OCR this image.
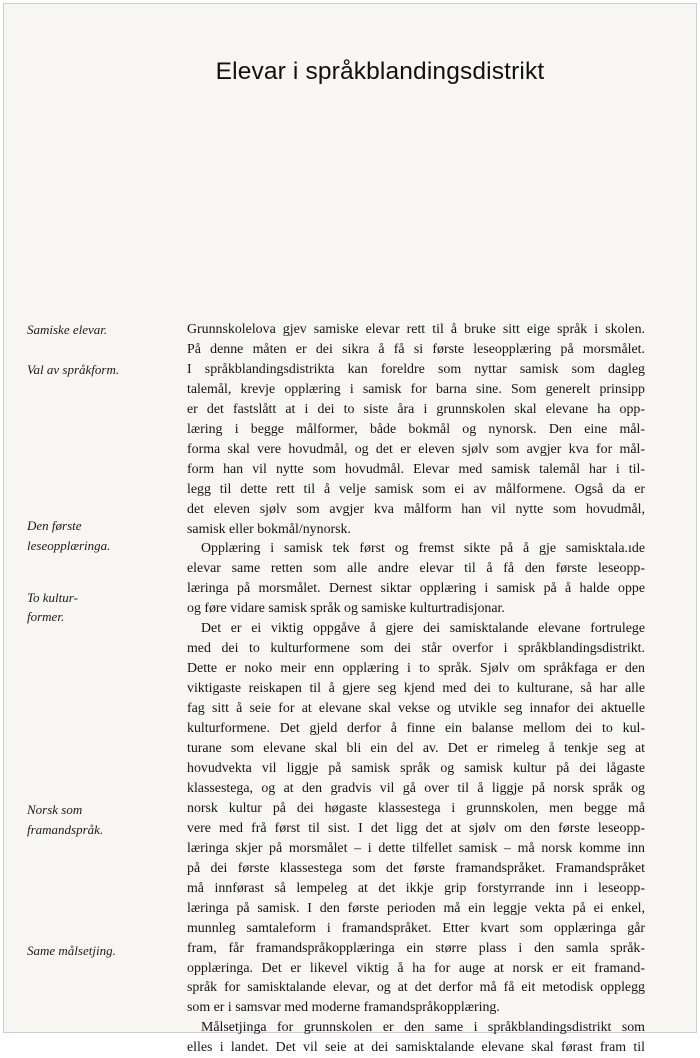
Elevar i språkblandingsdistrikt
Samiske elevar.
Val av språkform.
Den første
leseopplæringa.
To kultur-
former.
Norsk som
framandspråk.
Same målsetjing.
Grunnskolelova gjev samiske elevar rett til å bruke sitt eige språk i skolen.
På denne måten er dei sikra å få si første leseopplæring på morsmålet.
I språkblandingsdistrikta kan foreldre som nyttar samisk som dagleg
talemål, krevje opplæring i samisk for barna sine. Som generelt prinsipp
er det fastslått at i dei to siste åra i grunnskolen skal elevane ha opp-
læring i begge målformer, både bokmål og nynorsk. Den eine mål-
forma skal vere hovudmål, og det er eleven sjølv som avgjer kva for mål-
form han vil nytte som hovudmål. Elevar med samisk talemål har i til-
legg til dette rett til å velje samisk som ei av målformene. Også da er
det eleven sjølv som avgjer kva målform han vil nytte som hovudmål,
samisk eller bokmål/nynorsk.
Opplæring i samisk tek først og fremst sikte på å gje samisktala.ıde
elevar same retten som alle andre elevar til å få den første leseopp-
læringa på morsmålet. Dernest siktar opplæring i samisk på å halde oppe
og føre vidare samisk språk og samiske kulturtradisjonar.
Det er ei viktig oppgåve å gjere dei samisktalande elevane fortrulege
med dei to kulturformene som dei står overfor i språkblandingsdistrikt.
Dette er noko meir enn opplæring i to språk. Sjølv om språkfaga er den
viktigaste reiskapen til å gjere seg kjend med dei to kulturane, så har alle
fag sitt å seie for at elevane skal vekse og utvikle seg innafor dei aktuelle
kulturformene. Det gjeld derfor å finne ein balanse mellom dei to kul-
turane som elevane skal bli ein del av. Det er rimeleg å tenkje seg at
hovudvekta vil liggje på samisk språk og samisk kultur på dei lågaste
klassestega, og at den gradvis vil gå over til å liggje på norsk språk og
norsk kultur på dei høgaste klassestega i grunnskolen, men begge må
vere med frå først til sist. I det ligg det at sjølv om den første leseopp-
læringa skjer på morsmålet – i dette tilfellet samisk – må norsk komme inn
på dei første klassestega som det første framandspråket. Framandspråket
må innførast så lempeleg at det ikkje grip forstyrrande inn i leseopp-
læringa på samisk. I den første perioden må ein leggje vekta på ei enkel,
munnleg samtaleform i framandspråket. Etter kvart som opplæringa går
fram, får framandspråkopplæringa ein større plass i den samla språk-
opplæringa. Det er likevel viktig å ha for auge at norsk er eit framand-
språk for samisktalande elevar, og at det derfor må få eit metodisk opplegg
som er i samsvar med moderne framandspråkopplæring.
Målsetjinga for grunnskolen er den same i språkblandingsdistrikt som
elles i landet. Det vil seie at dei samisktalande elevane skal førast fram til
